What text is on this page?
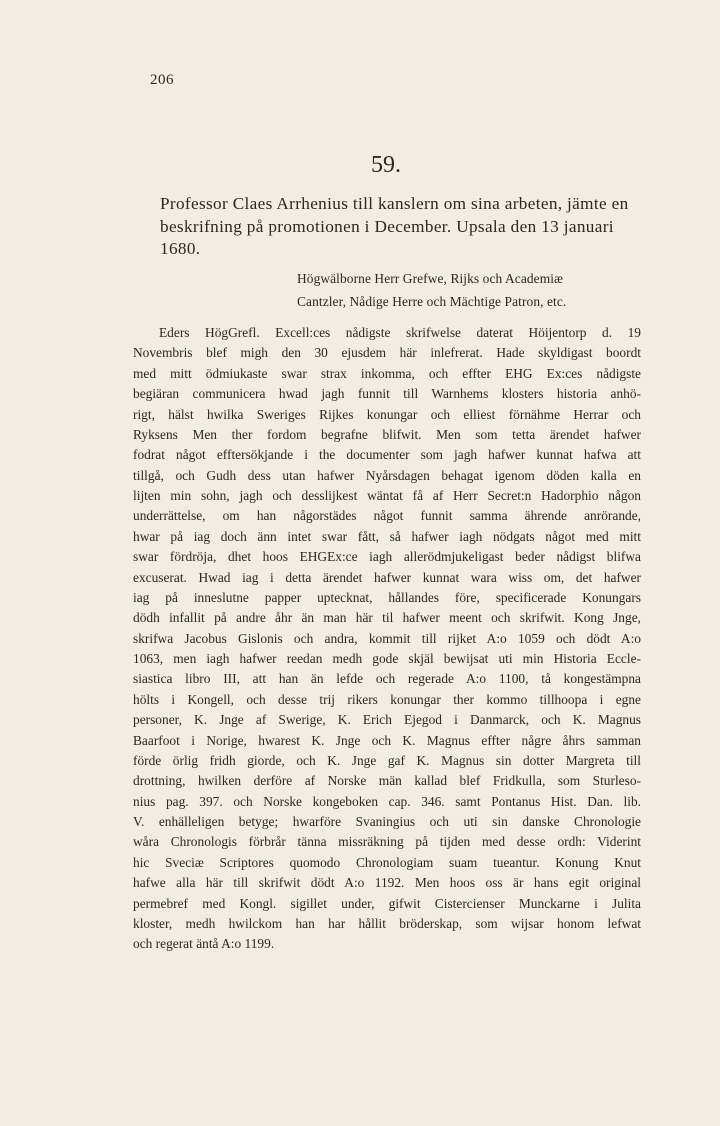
206
59.
Professor Claes Arrhenius till kanslern om sina arbeten, jämte en beskrifning på promotionen i December. Upsala den 13 januari 1680.
Högwälborne Herr Grefwe, Rijks och Academiæ
Cantzler, Nådige Herre och Mächtige Patron, etc.
Eders HögGrefl. Excell:ces nådigste skrifwelse daterat Höijentorp d. 19
Novembris blef migh den 30 ejusdem här inlefrerat. Hade skyldigast boordt
med mitt ödmiukaste swar strax inkomma, och effter EHG Ex:ces nådigste
begiäran communicera hwad jagh funnit till Warnhems klosters historia anhö-
rigt, hälst hwilka Sweriges Rijkes konungar och elliest förnähme Herrar och
Ryksens Men ther fordom begrafne blifwit. Men som tetta ärendet hafwer
fodrat något efftersökjande i the documenter som jagh hafwer kunnat hafwa att
tillgå, och Gudh dess utan hafwer Nyårsdagen behagat igenom döden kalla en
lijten min sohn, jagh och desslijkest wäntat få af Herr Secret:n Hadorphio någon
underrättelse, om han någorstädes något funnit samma ährende anrörande,
hwar på iag doch änn intet swar fått, så hafwer iagh nödgats något med mitt
swar fördröja, dhet hoos EHGEx:ce iagh allerödmjukeligast beder nådigst blifwa
excuserat. Hwad iag i detta ärendet hafwer kunnat wara wiss om, det hafwer
iag på inneslutne papper uptecknat, hållandes före, specificerade Konungars
dödh infallit på andre åhr än man här til hafwer meent och skrifwit. Kong Jnge,
skrifwa Jacobus Gislonis och andra, kommit till rijket A:o 1059 och dödt A:o
1063, men iagh hafwer reedan medh gode skjäl bewijsat uti min Historia Eccle-
siastica libro III, att han än lefde och regerade A:o 1100, tå kongestämpna
hölts i Kongell, och desse trij rikers konungar ther kommo tillhoopa i egne
personer, K. Jnge af Swerige, K. Erich Ejegod i Danmarck, och K. Magnus
Baarfoot i Norige, hwarest K. Jnge och K. Magnus effter någre åhrs samman
förde örlig fridh giorde, och K. Jnge gaf K. Magnus sin dotter Margreta till
drottning, hwilken derföre af Norske män kallad blef Fridkulla, som Sturleso-
nius pag. 397. och Norske kongeboken cap. 346. samt Pontanus Hist. Dan. lib.
V. enhälleligen betyge; hwarföre Svaningius och uti sin danske Chronologie
wåra Chronologis förbrår tänna missräkning på tijden med desse ordh: Viderint
hic Sveciæ Scriptores quomodo Chronologiam suam tueantur. Konung Knut
hafwe alla här till skrifwit dödt A:o 1192. Men hoos oss är hans egit original
permebref med Kongl. sigillet under, gifwit Cistercienser Munckarne i Julita
kloster, medh hwilckom han har hållit bröderskap, som wijsar honom lefwat
och regerat äntå A:o 1199.
